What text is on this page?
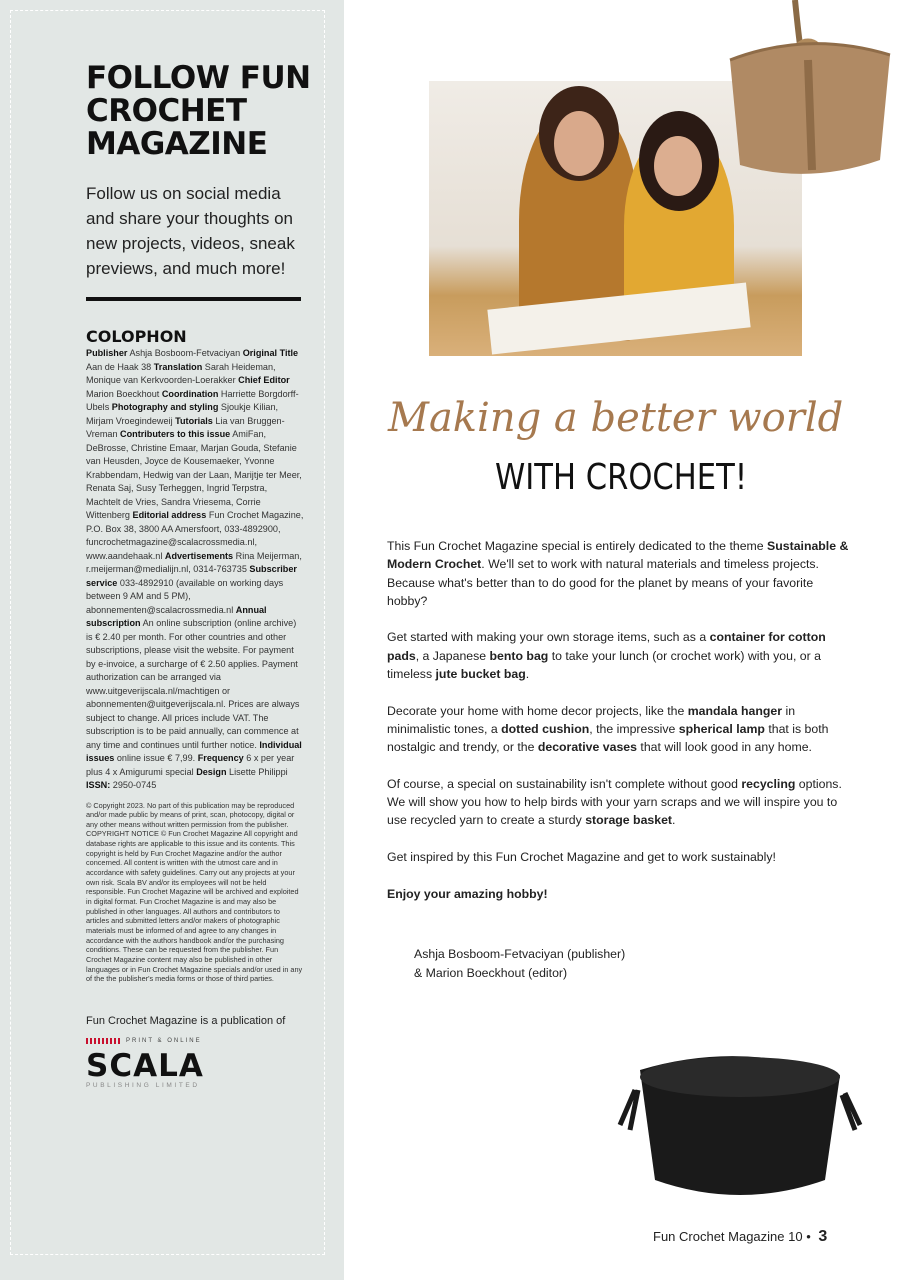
FOLLOW FUN CROCHET MAGAZINE
Follow us on social media and share your thoughts on new projects, videos, sneak previews, and much more!
COLOPHON
Publisher Ashja Bosboom-Fetvaciyan Original Title Aan de Haak 38 Translation Sarah Heideman, Monique van Kerkvoorden-Loerakker Chief Editor Marion Boeckhout Coordination Harriette Borgdorff-Ubels Photography and styling Sjoukje Kilian, Mirjam Vroegindeweij Tutorials Lia van Bruggen-Vreman Contributers to this issue AmiFan, DeBrosse, Christine Emaar, Marjan Gouda, Stefanie van Heusden, Joyce de Kousemaeker, Yvonne Krabbendam, Hedwig van der Laan, Marijtje ter Meer, Renata Saj, Susy Terheggen, Ingrid Terpstra, Machtelt de Vries, Sandra Vriesema, Corrie Wittenberg Editorial address Fun Crochet Magazine, P.O. Box 38, 3800 AA Amersfoort, 033-4892900, funcrochetmagazine@scalacrossmedia.nl, www.aandehaak.nl Advertisements Rina Meijerman, r.meijerman@medialijn.nl, 0314-763735 Subscriber service 033-4892910 (available on working days between 9 AM and 5 PM), abonnementen@scalacrossmedia.nl Annual subscription An online subscription (online archive) is € 2.40 per month. For other countries and other subscriptions, please visit the website. For payment by e-invoice, a surcharge of € 2.50 applies. Payment authorization can be arranged via www.uitgeverijscala.nl/machtigen or abonnementen@uitgeverijscala.nl. Prices are always subject to change. All prices include VAT. The subscription is to be paid annually, can commence at any time and continues until further notice. Individual issues online issue € 7,99. Frequency 6 x per year plus 4 x Amigurumi special Design Lisette Philippi ISSN: 2950-0745
© Copyright 2023. No part of this publication may be reproduced and/or made public by means of print, scan, photocopy, digital or any other means without written permission from the publisher. COPYRIGHT NOTICE © Fun Crochet Magazine All copyright and database rights are applicable to this issue and its contents. This copyright is held by Fun Crochet Magazine and/or the author concerned. All content is written with the utmost care and in accordance with safety guidelines. Carry out any projects at your own risk. Scala BV and/or its employees will not be held responsible. Fun Crochet Magazine will be archived and exploited in digital format. Fun Crochet Magazine is and may also be published in other languages. All authors and contributors to articles and submitted letters and/or makers of photographic materials must be informed of and agree to any changes in accordance with the authors handbook and/or the purchasing conditions. These can be requested from the publisher. Fun Crochet Magazine content may also be published in other languages or in Fun Crochet Magazine specials and/or used in any of the the publisher's media forms or those of third parties.
Fun Crochet Magazine is a publication of
PRINT & ONLINE
SCALA
PUBLISHING LIMITED
Making a better world
WITH CROCHET!

This Fun Crochet Magazine special is entirely dedicated to the theme Sustainable & Modern Crochet. We'll set to work with natural materials and timeless projects. Because what's better than to do good for the planet by means of your favorite hobby?

Get started with making your own storage items, such as a container for cotton pads, a Japanese bento bag to take your lunch (or crochet work) with you, or a timeless jute bucket bag.

Decorate your home with home decor projects, like the mandala hanger in minimalistic tones, a dotted cushion, the impressive spherical lamp that is both nostalgic and trendy, or the decorative vases that will look good in any home.

Of course, a special on sustainability isn't complete without good recycling options. We will show you how to help birds with your yarn scraps and we will inspire you to use recycled yarn to create a sturdy storage basket.

Get inspired by this Fun Crochet Magazine and get to work sustainably!

Enjoy your amazing hobby!

Ashja Bosboom-Fetvaciyan (publisher)
& Marion Boeckhout (editor)
Fun Crochet Magazine 10 • 3
